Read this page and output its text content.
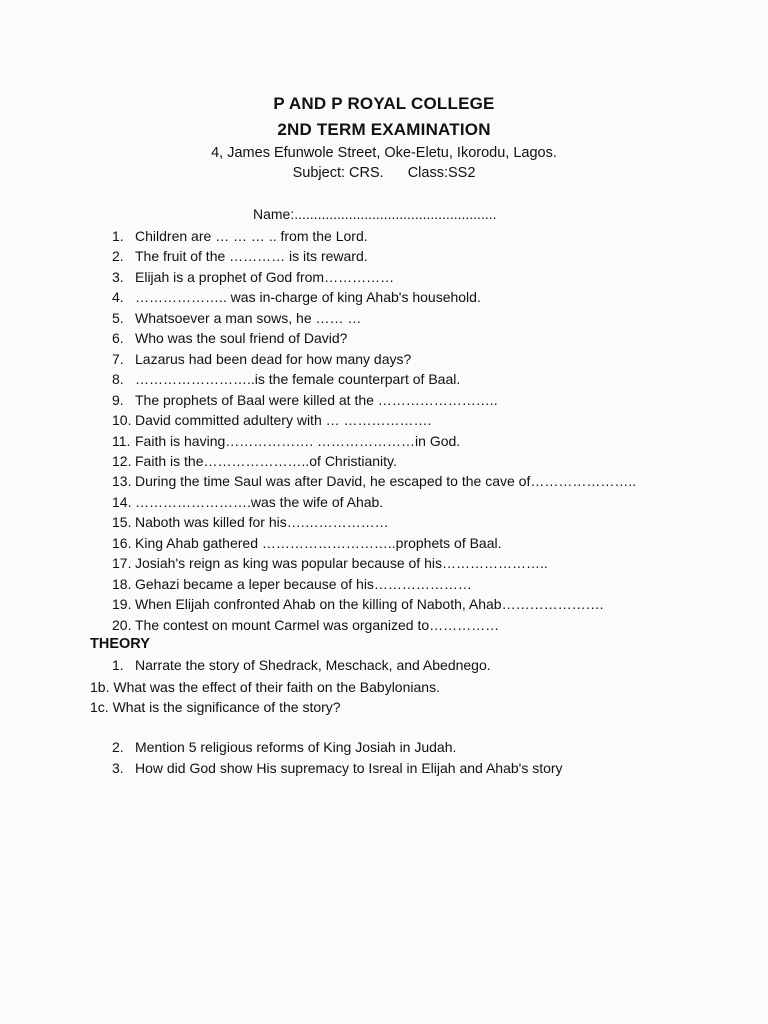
P AND P ROYAL COLLEGE
2ND TERM EXAMINATION
4, James Efunwole Street, Oke-Eletu, Ikorodu, Lagos.
Subject: CRS. Class:SS2
Name:....................................................
1. Children are … … … .. from the Lord.
2. The fruit of the ………… is its reward.
3. Elijah is a prophet of God from……………
4. ……………….. was in-charge of king Ahab's household.
5. Whatsoever a man sows, he …… …
6. Who was the soul friend of David?
7. Lazarus had been dead for how many days?
8. ……………………..is the female counterpart of Baal.
9. The prophets of Baal were killed at the ……………………..
10. David committed adultery with … ……………….
11. Faith is having………………. …………………in God.
12. Faith is the…………………..of Christianity.
13. During the time Saul was after David, he escaped to the cave of…………………..
14. …………………….was the wife of Ahab.
15. Naboth was killed for his….………………
16. King Ahab gathered ………………………..prophets of Baal.
17. Josiah's reign as king was popular because of his…………………..
18. Gehazi became a leper because of his…………………
19. When Elijah confronted Ahab on the killing of Naboth, Ahab………………….
20. The contest on mount Carmel was organized to……………
THEORY
1. Narrate the story of Shedrack, Meschack, and Abednego.
1b. What was the effect of their faith on the Babylonians.
1c. What is the significance of the story?
2. Mention 5 religious reforms of King Josiah in Judah.
3. How did God show His supremacy to Isreal in Elijah and Ahab's story
